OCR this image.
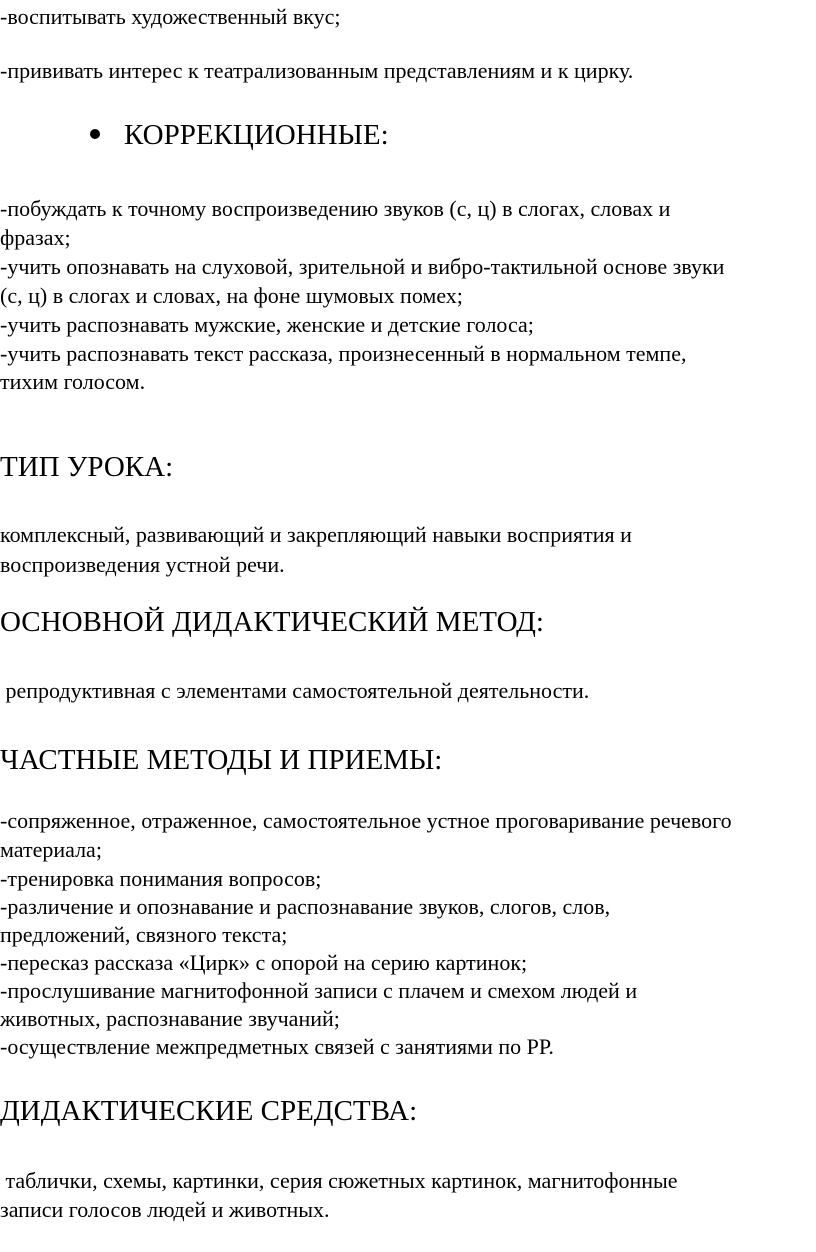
-воспитывать художественный вкус;
-прививать интерес к театрализованным представлениям и к цирку.
КОРРЕКЦИОННЫЕ:
-побуждать к точному воспроизведению звуков (с, ц) в слогах, словах и
фразах;
-учить опознавать на слуховой, зрительной и вибро-тактильной основе звуки
(с, ц) в слогах и словах, на фоне шумовых помех;
-учить распознавать мужские, женские и детские голоса;
-учить распознавать текст рассказа, произнесенный в нормальном темпе,
тихим голосом.
ТИП УРОКА:
комплексный, развивающий и закрепляющий навыки восприятия и
воспроизведения устной речи.
ОСНОВНОЙ ДИДАКТИЧЕСКИЙ МЕТОД:
репродуктивная с элементами самостоятельной деятельности.
ЧАСТНЫЕ МЕТОДЫ И ПРИЕМЫ:
-сопряженное, отраженное, самостоятельное устное проговаривание речевого
материала;
-тренировка понимания вопросов;
-различение и опознавание и распознавание звуков, слогов, слов,
предложений, связного текста;
-пересказ рассказа «Цирк» с опорой на серию картинок;
-прослушивание магнитофонной записи с плачем и смехом людей и
животных, распознавание звучаний;
-осуществление межпредметных связей с занятиями по РР.
ДИДАКТИЧЕСКИЕ СРЕДСТВА:
таблички, схемы, картинки, серия сюжетных картинок, магнитофонные
записи голосов людей и животных.
